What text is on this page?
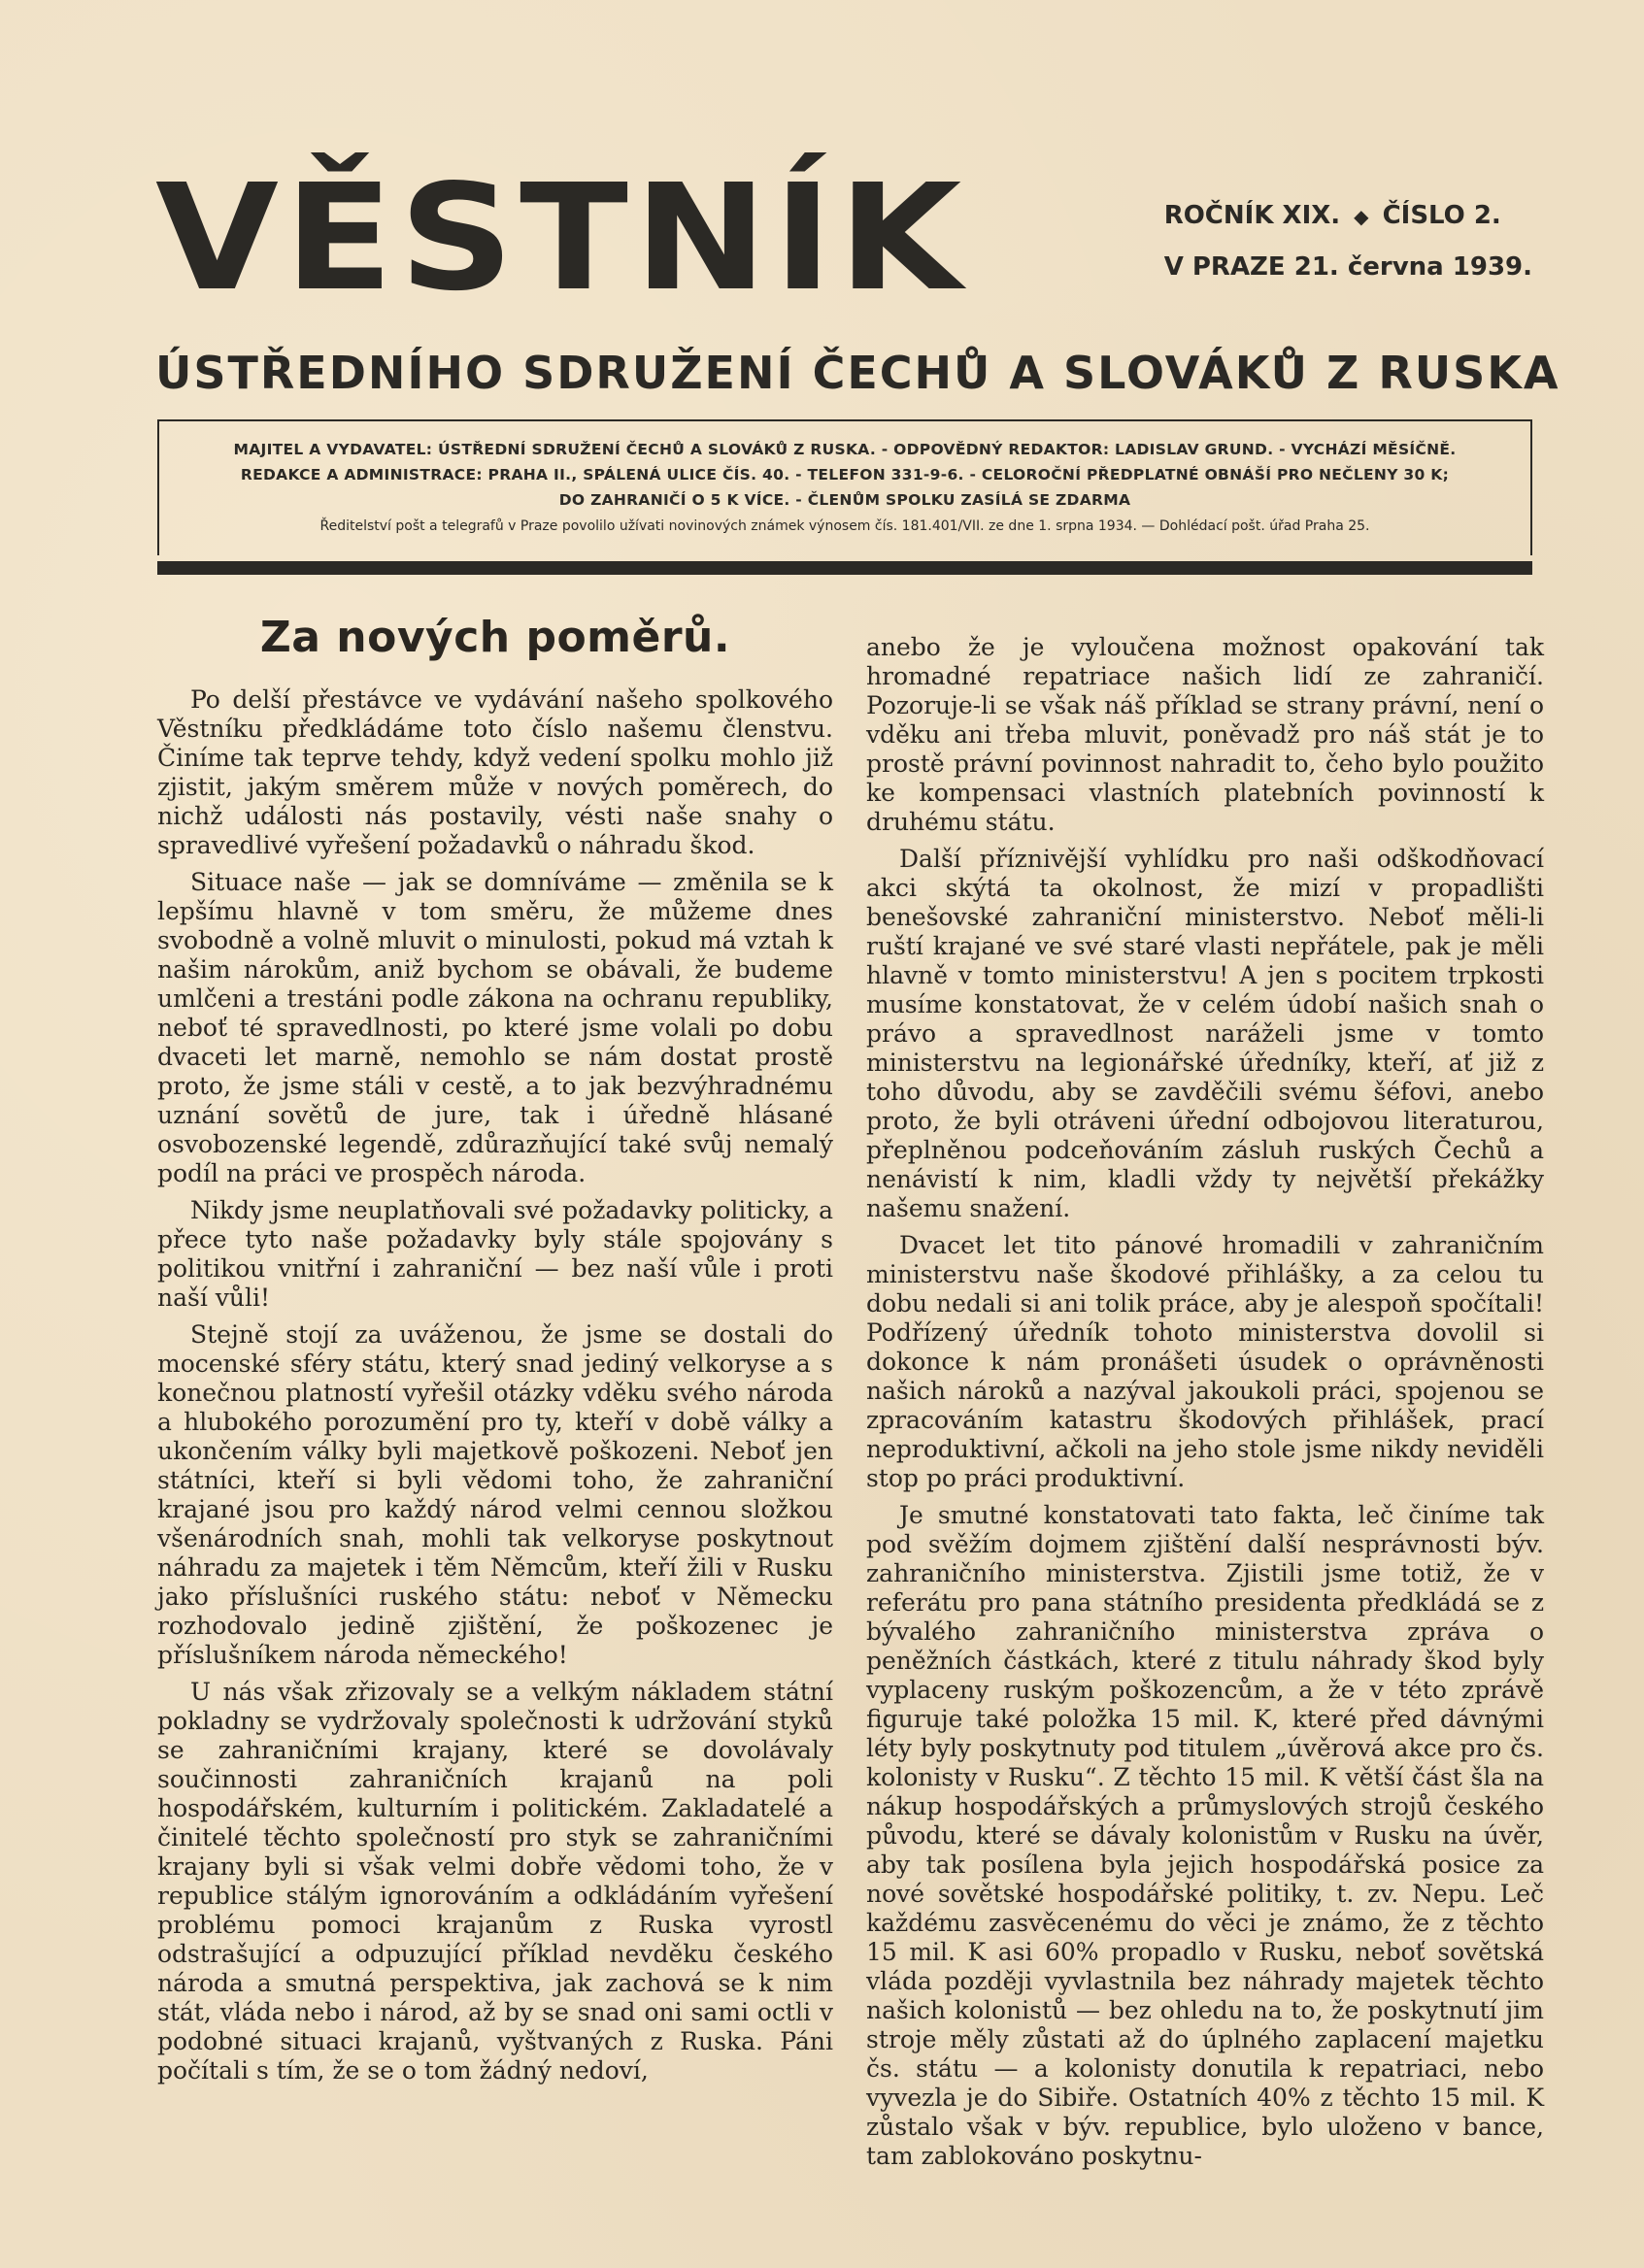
VĚSTNÍK	ROČNÍK XIX. ◆ ČÍSLO 2.
V PRAZE 21. června 1939.
ÚSTŘEDNÍHO SDRUŽENÍ ČECHŮ A SLOVÁKŮ Z RUSKA
MAJITEL A VYDAVATEL: ÚSTŘEDNÍ SDRUŽENÍ ČECHŮ A SLOVÁKŮ Z RUSKA. - ODPOVĚDNÝ REDAKTOR: LADISLAV GRUND. - VYCHÁZÍ MĚSÍČNĚ.
REDAKCE A ADMINISTRACE: PRAHA II., SPÁLENÁ ULICE ČÍS. 40. - TELEFON 331-9-6. - CELOROČNÍ PŘEDPLATNÉ OBNÁŠÍ PRO NEČLENY 30 K;
DO ZAHRANIČÍ O 5 K VÍCE. - ČLENŮM SPOLKU ZASÍLÁ SE ZDARMA
Ředitelství pošt a telegrafů v Praze povolilo užívati novinových známek výnosem čís. 181.401/VII. ze dne 1. srpna 1934. — Dohlédací pošt. úřad Praha 25.
Za nových poměrů.

Po delší přestávce ve vydávání našeho spolkového Věstníku předkládáme toto číslo našemu členstvu. Činíme tak teprve tehdy, když vedení spolku mohlo již zjistit, jakým směrem může v nových poměrech, do nichž události nás postavily, vésti naše snahy o spravedlivé vyřešení požadavků o náhradu škod.

Situace naše — jak se domníváme — změnila se k lepšímu hlavně v tom směru, že můžeme dnes svobodně a volně mluvit o minulosti, pokud má vztah k našim nárokům, aniž bychom se obávali, že budeme umlčeni a trestáni podle zákona na ochranu republiky, neboť té spravedlnosti, po které jsme volali po dobu dvaceti let marně, nemohlo se nám dostat prostě proto, že jsme stáli v cestě, a to jak bezvýhradnému uznání sovětů de jure, tak i úředně hlásané osvobozenské legendě, zdůrazňující také svůj nemalý podíl na práci ve prospěch národa.

Nikdy jsme neuplatňovali své požadavky politicky, a přece tyto naše požadavky byly stále spojovány s politikou vnitřní i zahraniční — bez naší vůle i proti naší vůli!

Stejně stojí za uváženou, že jsme se dostali do mocenské sféry státu, který snad jediný velkoryse a s konečnou platností vyřešil otázky vděku svého národa a hlubokého porozumění pro ty, kteří v době války a ukončením války byli majetkově poškozeni. Neboť jen státníci, kteří si byli vědomi toho, že zahraniční krajané jsou pro každý národ velmi cennou složkou všenárodních snah, mohli tak velkoryse poskytnout náhradu za majetek i těm Němcům, kteří žili v Rusku jako příslušníci ruského státu: neboť v Německu rozhodovalo jedině zjištění, že poškozenec je příslušníkem národa německého!

U nás však zřizovaly se a velkým nákladem státní pokladny se vydržovaly společnosti k udržování styků se zahraničními krajany, které se dovolávaly součinnosti zahraničních krajanů na poli hospodářském, kulturním i politickém. Zakladatelé a činitelé těchto společností pro styk se zahraničními krajany byli si však velmi dobře vědomi toho, že v republice stálým ignorováním a odkládáním vyřešení problému pomoci krajanům z Ruska vyrostl odstrašující a odpuzující příklad nevděku českého národa a smutná perspektiva, jak zachová se k nim stát, vláda nebo i národ, až by se snad oni sami octli v podobné situaci krajanů, vyštvaných z Ruska. Páni počítali s tím, že se o tom žádný nedoví,

anebo že je vyloučena možnost opakování tak hromadné repatriace našich lidí ze zahraničí. Pozoruje-li se však náš příklad se strany právní, není o vděku ani třeba mluvit, poněvadž pro náš stát je to prostě právní povinnost nahradit to, čeho bylo použito ke kompensaci vlastních platebních povinností k druhému státu.

Další příznivější vyhlídku pro naši odškodňovací akci skýtá ta okolnost, že mizí v propadlišti benešovské zahraniční ministerstvo. Neboť měli-li ruští krajané ve své staré vlasti nepřátele, pak je měli hlavně v tomto ministerstvu! A jen s pocitem trpkosti musíme konstatovat, že v celém údobí našich snah o právo a spravedlnost naráželi jsme v tomto ministerstvu na legionářské úředníky, kteří, ať již z toho důvodu, aby se zavděčili svému šéfovi, anebo proto, že byli otráveni úřední odbojovou literaturou, přeplněnou podceňováním zásluh ruských Čechů a nenávistí k nim, kladli vždy ty největší překážky našemu snažení.

Dvacet let tito pánové hromadili v zahraničním ministerstvu naše škodové přihlášky, a za celou tu dobu nedali si ani tolik práce, aby je alespoň spočítali! Podřízený úředník tohoto ministerstva dovolil si dokonce k nám pronášeti úsudek o oprávněnosti našich nároků a nazýval jakoukoli práci, spojenou se zpracováním katastru škodových přihlášek, prací neproduktivní, ačkoli na jeho stole jsme nikdy neviděli stop po práci produktivní.

Je smutné konstatovati tato fakta, leč činíme tak pod svěžím dojmem zjištění další nesprávnosti býv. zahraničního ministerstva. Zjistili jsme totiž, že v referátu pro pana státního presidenta předkládá se z bývalého zahraničního ministerstva zpráva o peněžních částkách, které z titulu náhrady škod byly vyplaceny ruským poškozencům, a že v této zprávě figuruje také položka 15 mil. K, které před dávnými léty byly poskytnuty pod titulem „úvěrová akce pro čs. kolonisty v Rusku“. Z těchto 15 mil. K větší část šla na nákup hospodářských a průmyslových strojů českého původu, které se dávaly kolonistům v Rusku na úvěr, aby tak posílena byla jejich hospodářská posice za nové sovětské hospodářské politiky, t. zv. Nepu. Leč každému zasvěcenému do věci je známo, že z těchto 15 mil. K asi 60% propadlo v Rusku, neboť sovětská vláda později vyvlastnila bez náhrady majetek těchto našich kolonistů — bez ohledu na to, že poskytnutí jim stroje měly zůstati až do úplného zaplacení majetku čs. státu — a kolonisty donutila k repatriaci, nebo vyvezla je do Sibiře. Ostatních 40% z těchto 15 mil. K zůstalo však v býv. republice, bylo uloženo v bance, tam zablokováno poskytnu-
